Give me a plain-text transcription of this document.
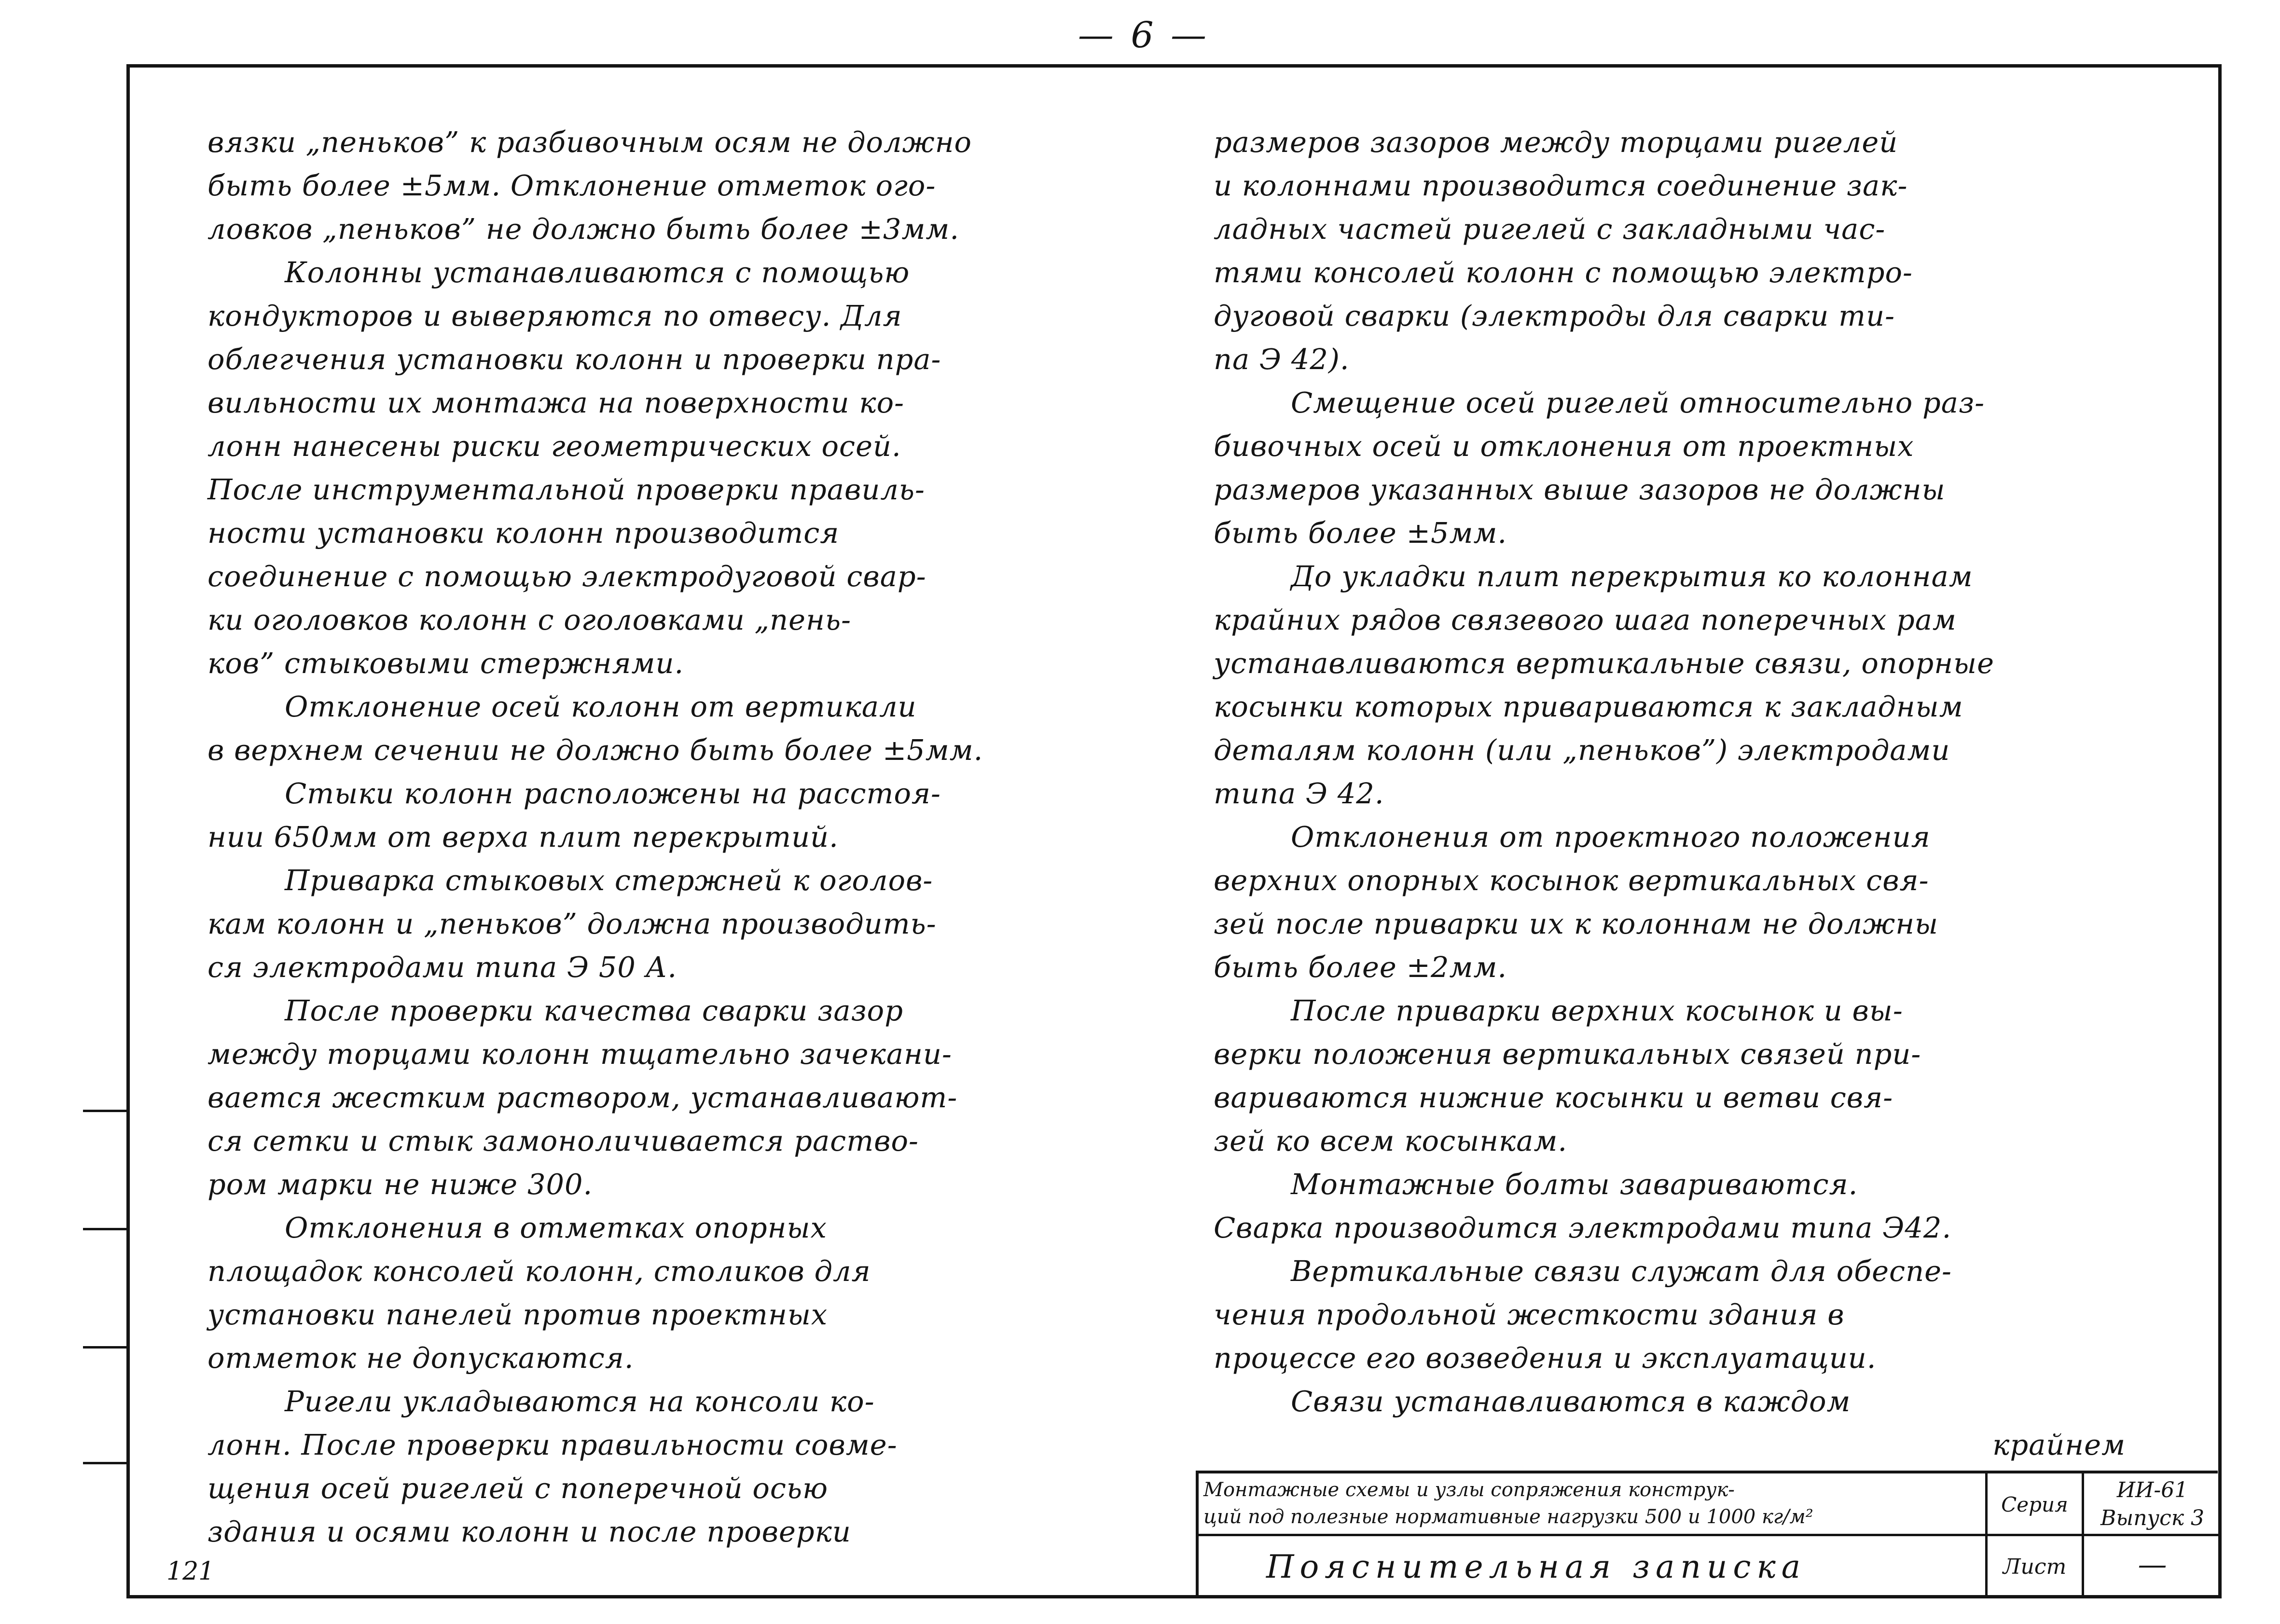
— 6 —
вязки „пеньков” к разбивочным осям не должно
быть более ±5мм. Отклонение отметок ого-
ловков „пеньков” не должно быть более ±3мм.
Колонны устанавливаются с помощью
кондукторов и выверяются по отвесу. Для
облегчения установки колонн и проверки пра-
вильности их монтажа на поверхности ко-
лонн нанесены риски геометрических осей.
После инструментальной проверки правиль-
ности установки колонн производится
соединение с помощью электродуговой свар-
ки оголовков колонн с оголовками „пень-
ков” стыковыми стержнями.
Отклонение осей колонн от вертикали
в верхнем сечении не должно быть более ±5мм.
Стыки колонн расположены на расстоя-
нии 650мм от верха плит перекрытий.
Приварка стыковых стержней к оголов-
кам колонн и „пеньков” должна производить-
ся электродами типа Э 50 А.
После проверки качества сварки зазор
между торцами колонн тщательно зачекани-
вается жестким раствором, устанавливают-
ся сетки и стык замоноличивается раство-
ром марки не ниже 300.
Отклонения в отметках опорных
площадок консолей колонн, столиков для
установки панелей против проектных
отметок не допускаются.
Ригели укладываются на консоли ко-
лонн. После проверки правильности совме-
щения осей ригелей с поперечной осью
здания и осями колонн и после проверки
размеров зазоров между торцами ригелей
и колоннами производится соединение зак-
ладных частей ригелей с закладными час-
тями консолей колонн с помощью электро-
дуговой сварки (электроды для сварки ти-
па Э 42).
Смещение осей ригелей относительно раз-
бивочных осей и отклонения от проектных
размеров указанных выше зазоров не должны
быть более ±5мм.
До укладки плит перекрытия ко колоннам
крайних рядов связевого шага поперечных рам
устанавливаются вертикальные связи, опорные
косынки которых привариваются к закладным
деталям колонн (или „пеньков”) электродами
типа Э 42.
Отклонения от проектного положения
верхних опорных косынок вертикальных свя-
зей после приварки их к колоннам не должны
быть более ±2мм.
После приварки верхних косынок и вы-
верки положения вертикальных связей при-
вариваются нижние косынки и ветви свя-
зей ко всем косынкам.
Монтажные болты завариваются.
Сварка производится электродами типа Э42.
Вертикальные связи служат для обеспе-
чения продольной жесткости здания в
процессе его возведения и эксплуатации.
Связи устанавливаются в каждом
крайнем
Монтажные схемы и узлы сопряжения конструк-
ций под полезные нормативные нагрузки 500 и 1000 кг/м²
Серия
ИИ-61
Выпуск 3
Пояснительная записка	Лист	—
121
